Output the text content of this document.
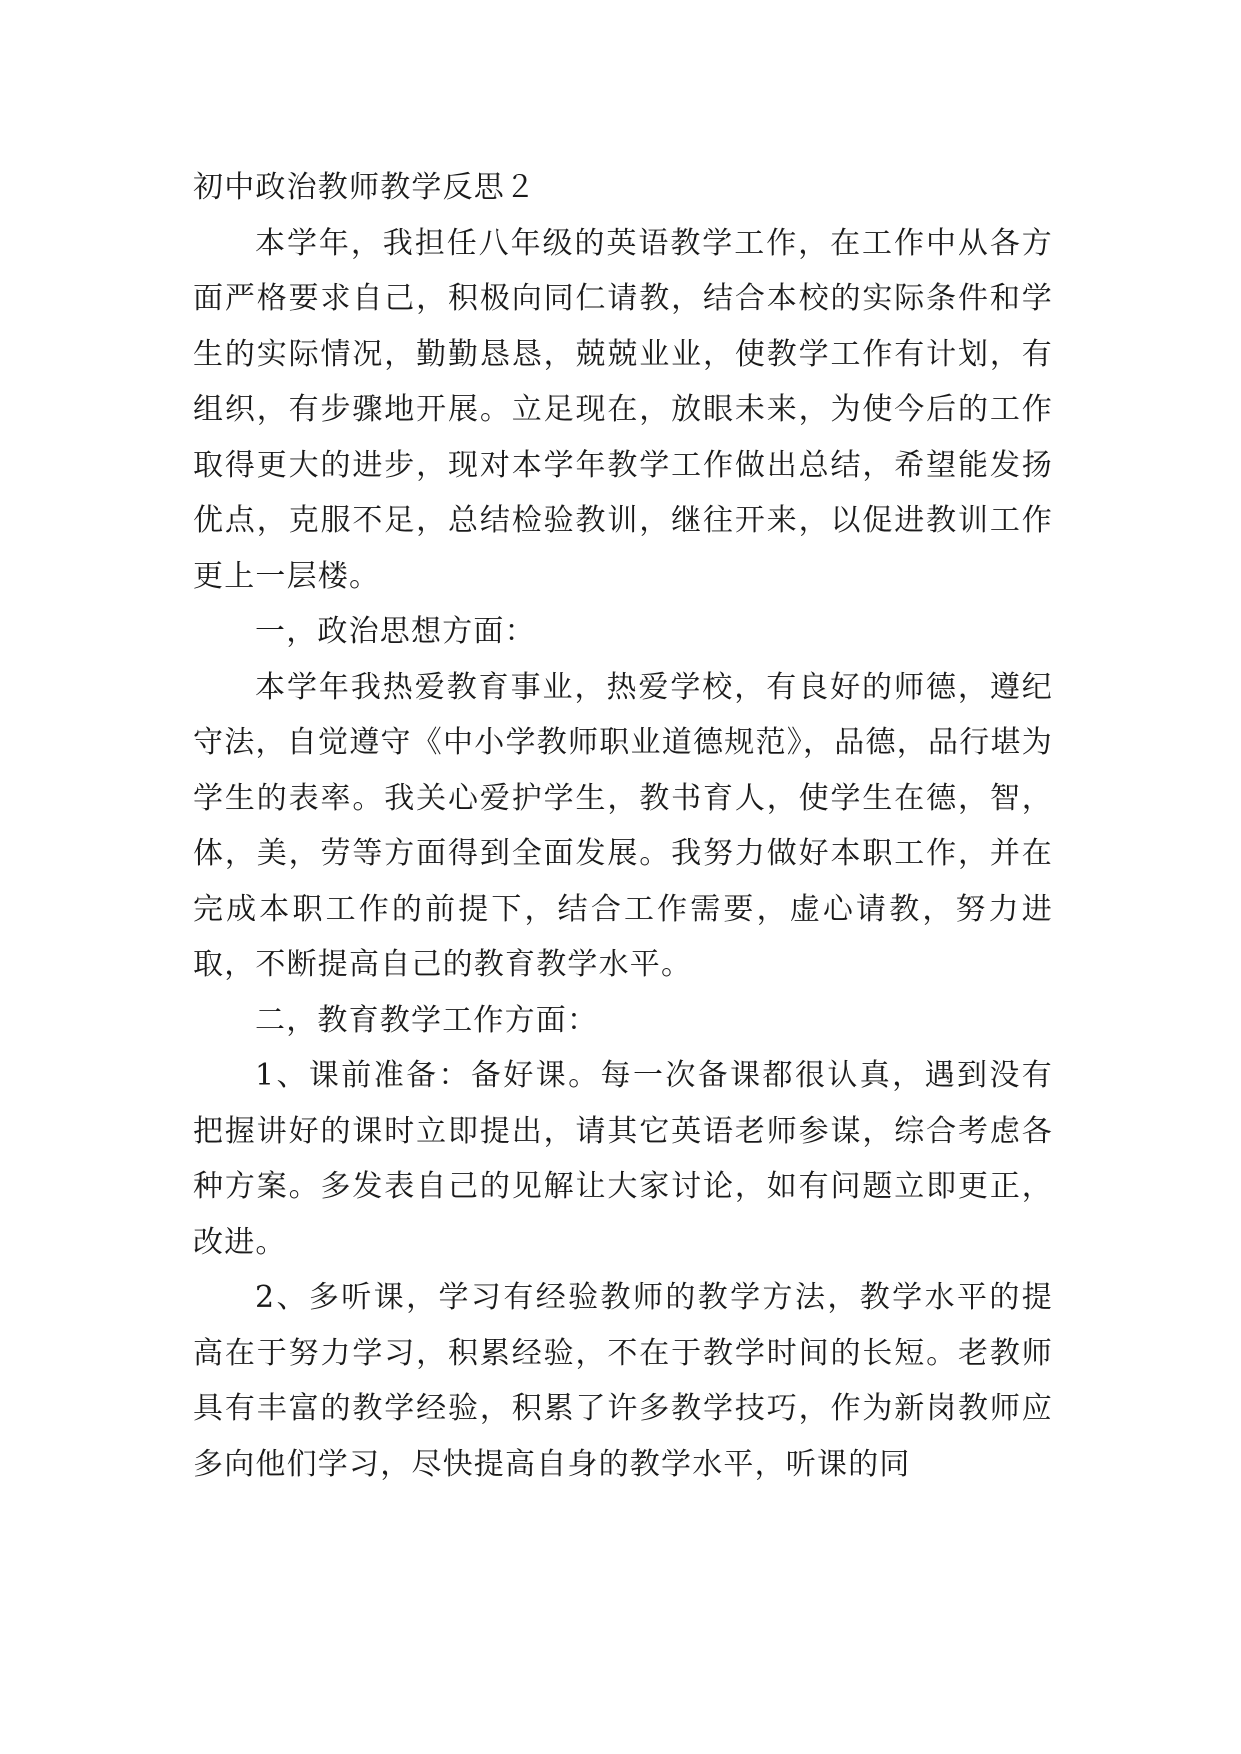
初中政治教师教学反思２

本学年，我担任八年级的英语教学工作，在工作中从各方面严格要求自己，积极向同仁请教，结合本校的实际条件和学生的实际情况，勤勤恳恳，兢兢业业，使教学工作有计划，有组织，有步骤地开展。立足现在，放眼未来，为使今后的工作取得更大的进步，现对本学年教学工作做出总结，希望能发扬优点，克服不足，总结检验教训，继往开来，以促进教训工作更上一层楼。

一，政治思想方面：

本学年我热爱教育事业，热爱学校，有良好的师德，遵纪守法，自觉遵守《中小学教师职业道德规范》，品德，品行堪为学生的表率。我关心爱护学生，教书育人，使学生在德，智，体，美，劳等方面得到全面发展。我努力做好本职工作，并在完成本职工作的前提下，结合工作需要，虚心请教，努力进取，不断提高自己的教育教学水平。

二，教育教学工作方面：

1、课前准备：备好课。每一次备课都很认真，遇到没有把握讲好的课时立即提出，请其它英语老师参谋，综合考虑各种方案。多发表自己的见解让大家讨论，如有问题立即更正，改进。

2、多听课，学习有经验教师的教学方法，教学水平的提高在于努力学习，积累经验，不在于教学时间的长短。老教师具有丰富的教学经验，积累了许多教学技巧，作为新岗教师应多向他们学习，尽快提高自身的教学水平，听课的同
